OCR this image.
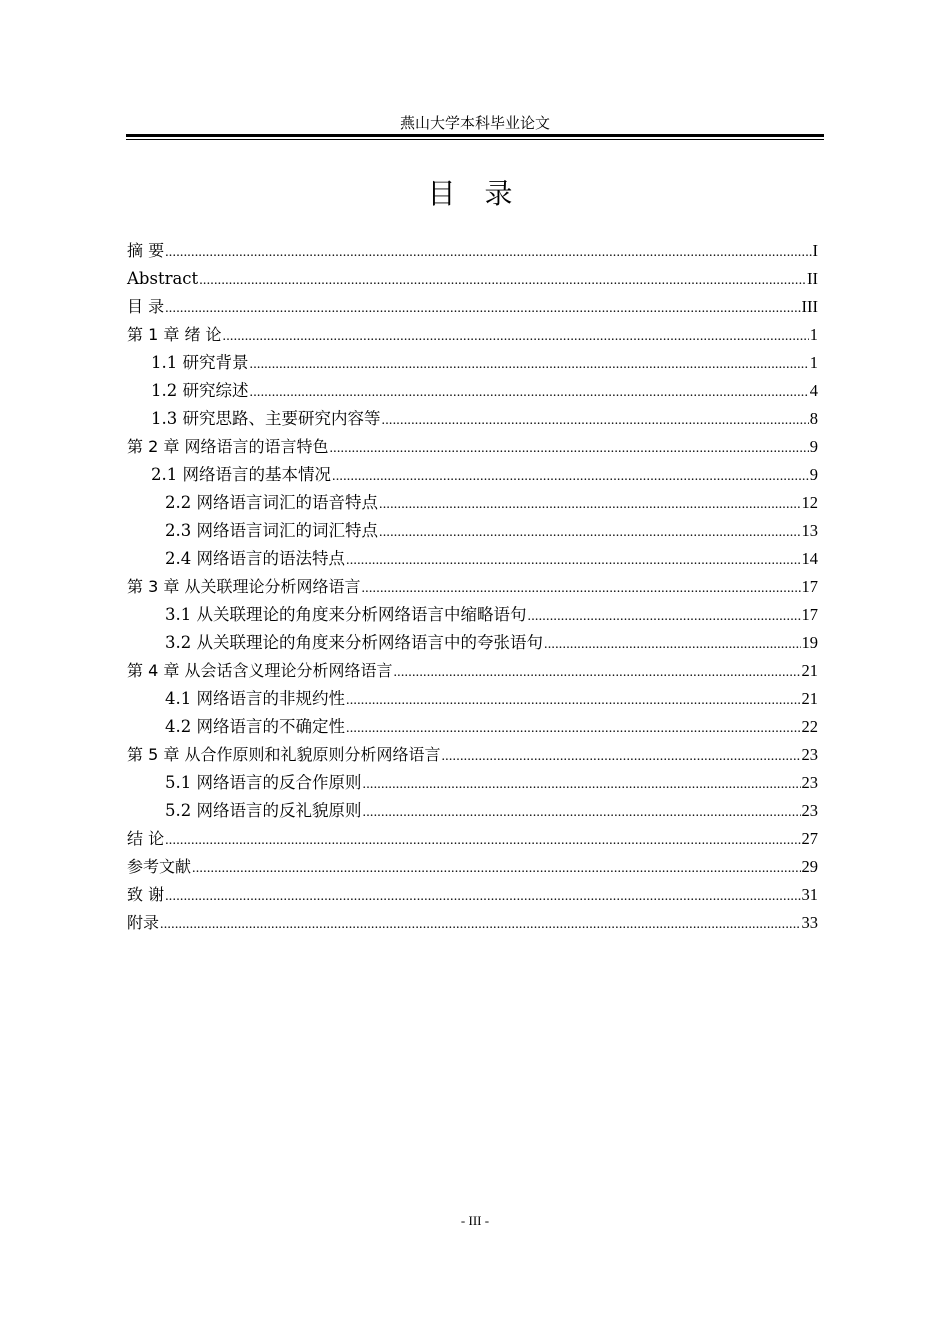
燕山大学本科毕业论文
目 录
摘 要 .....	I
Abstract .....	II
目 录 .....	III
第 1 章 绪 论 .....	1
1.1 研究背景 .....	1
1.2 研究综述 .....	4
1.3 研究思路、主要研究内容等 .....	8
第 2 章 网络语言的语言特色 .....	9
2.1 网络语言的基本情况 .....	9
2.2 网络语言词汇的语音特点 .....	12
2.3 网络语言词汇的词汇特点 .....	13
2.4 网络语言的语法特点 .....	14
第 3 章 从关联理论分析网络语言 .....	17
3.1 从关联理论的角度来分析网络语言中缩略语句 .....	17
3.2 从关联理论的角度来分析网络语言中的夸张语句 .....	19
第 4 章 从会话含义理论分析网络语言 .....	21
4.1 网络语言的非规约性 .....	21
4.2 网络语言的不确定性 .....	22
第 5 章 从合作原则和礼貌原则分析网络语言 .....	23
5.1 网络语言的反合作原则 .....	23
5.2 网络语言的反礼貌原则 .....	23
结 论 .....	27
参考文献 .....	29
致 谢 .....	31
附录 .....	33
- III -
